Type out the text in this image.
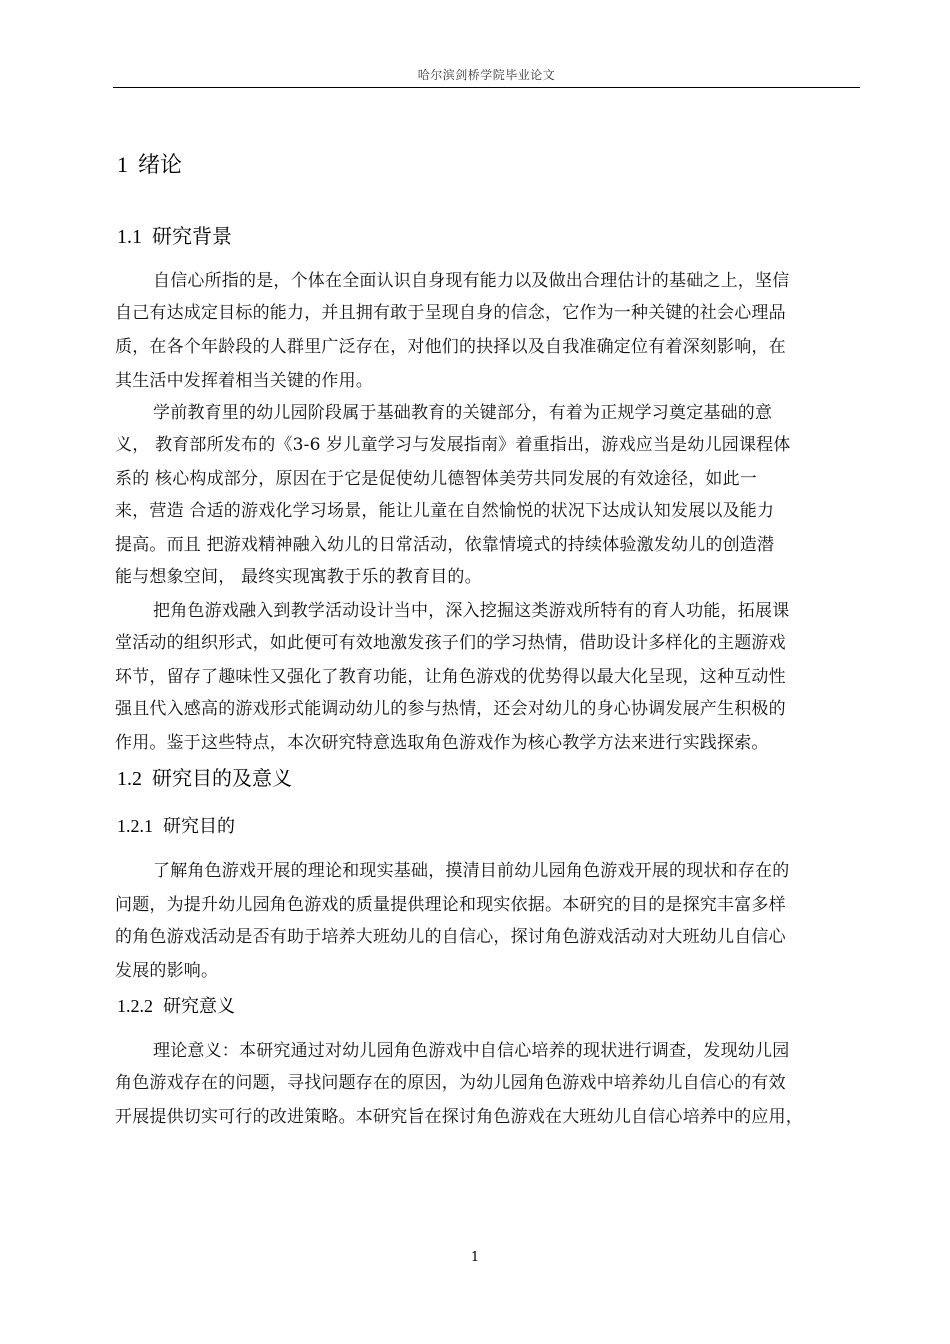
哈尔滨剑桥学院毕业论文
1 绪论
1.1 研究背景
自信心所指的是，个体在全面认识自身现有能力以及做出合理估计的基础之上，坚信
自己有达成定目标的能力，并且拥有敢于呈现自身的信念，它作为一种关键的社会心理品
质，在各个年龄段的人群里广泛存在，对他们的抉择以及自我准确定位有着深刻影响，在
其生活中发挥着相当关键的作用。
学前教育里的幼儿园阶段属于基础教育的关键部分，有着为正规学习奠定基础的意
义， 教育部所发布的《3-6 岁儿童学习与发展指南》着重指出，游戏应当是幼儿园课程体
系的 核心构成部分，原因在于它是促使幼儿德智体美劳共同发展的有效途径，如此一
来，营造 合适的游戏化学习场景，能让儿童在自然愉悦的状况下达成认知发展以及能力
提高。而且 把游戏精神融入幼儿的日常活动，依靠情境式的持续体验激发幼儿的创造潜
能与想象空间， 最终实现寓教于乐的教育目的。
把角色游戏融入到教学活动设计当中，深入挖掘这类游戏所特有的育人功能，拓展课
堂活动的组织形式，如此便可有效地激发孩子们的学习热情，借助设计多样化的主题游戏
环节，留存了趣味性又强化了教育功能，让角色游戏的优势得以最大化呈现，这种互动性
强且代入感高的游戏形式能调动幼儿的参与热情，还会对幼儿的身心协调发展产生积极的
作用。鉴于这些特点，本次研究特意选取角色游戏作为核心教学方法来进行实践探索。
1.2 研究目的及意义
1.2.1 研究目的
了解角色游戏开展的理论和现实基础，摸清目前幼儿园角色游戏开展的现状和存在的
问题，为提升幼儿园角色游戏的质量提供理论和现实依据。本研究的目的是探究丰富多样
的角色游戏活动是否有助于培养大班幼儿的自信心，探讨角色游戏活动对大班幼儿自信心
发展的影响。
1.2.2 研究意义
理论意义：本研究通过对幼儿园角色游戏中自信心培养的现状进行调查，发现幼儿园
角色游戏存在的问题，寻找问题存在的原因，为幼儿园角色游戏中培养幼儿自信心的有效
开展提供切实可行的改进策略。本研究旨在探讨角色游戏在大班幼儿自信心培养中的应用，
1
